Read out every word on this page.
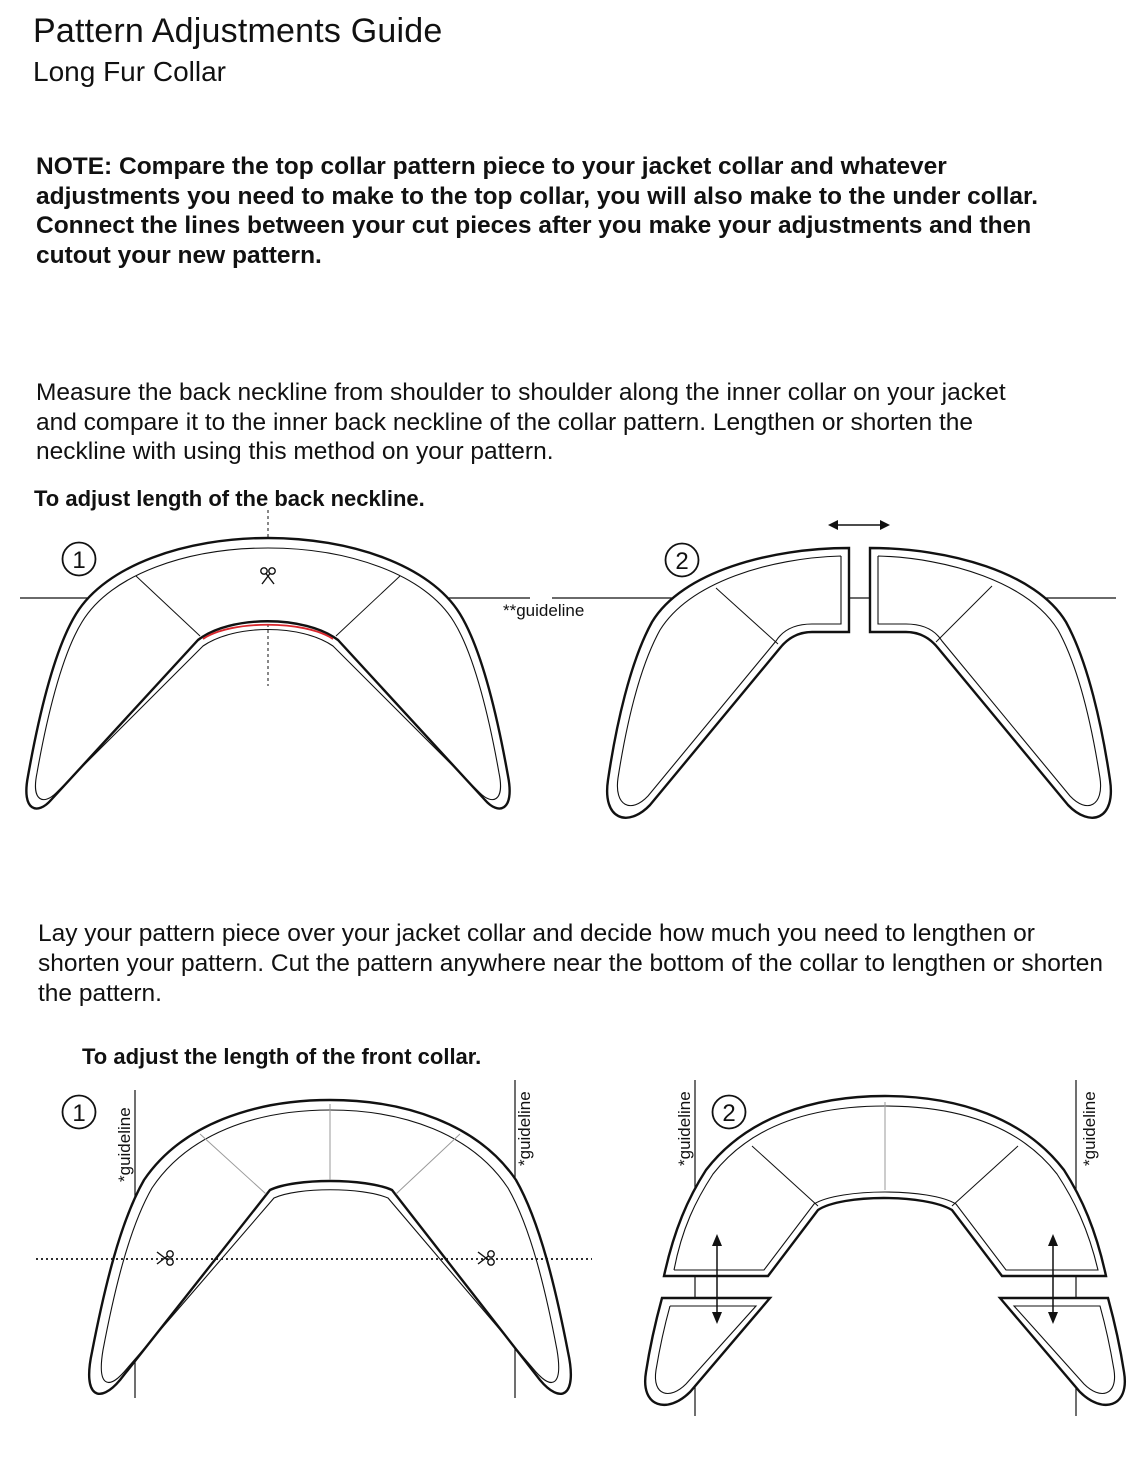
Pattern Adjustments Guide
Long Fur Collar

NOTE: Compare the top collar pattern piece to your jacket collar and whatever adjustments you need to make to the top collar, you will also make to the under collar.

Connect the lines between your cut pieces after you make your adjustments and then cutout your new pattern.

Measure the back neckline from shoulder to shoulder along the inner collar on your jacket and compare it to the inner back neckline of the collar pattern. Lengthen or shorten the neckline with using this method on your pattern.
To adjust length of the back neckline.
Lay your pattern piece over your jacket collar and decide how much you need to lengthen or shorten your pattern. Cut the pattern anywhere near the bottom of the collar to lengthen or shorten the pattern.
To adjust the length of the front collar.
1
**guideline
2
1 *guideline	*guideline	2
*guideline	*guideline
